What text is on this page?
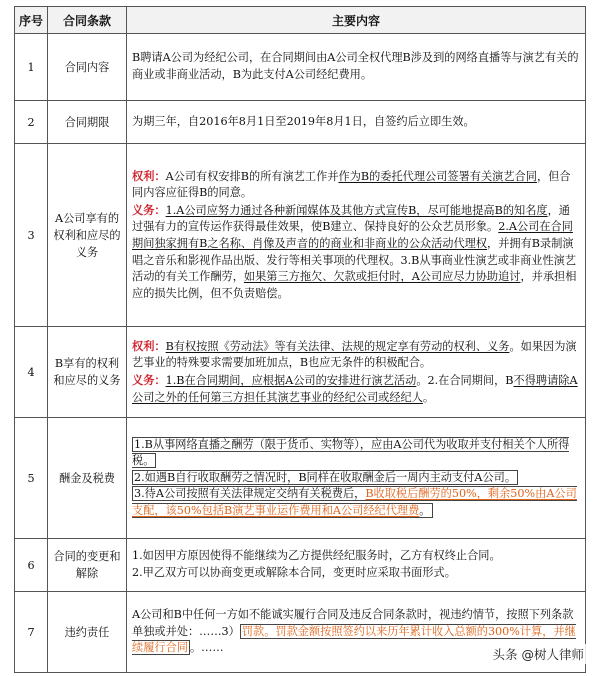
序号	合同条款	主要内容
1	合同内容	B聘请A公司为经纪公司，在合同期间由A公司全权代理B涉及到的网络直播等与演艺有关的商业或非商业活动，B为此支付A公司经纪费用。
2	合同期限	为期三年，自2016年8月1日至2019年8月1日，自签约后立即生效。
3	A公司享有的权利和应尽的义务	权利：A公司有权安排B的所有演艺工作并作为B的委托代理公司签署有关演艺合同，但合同内容应征得B的同意。
义务：1.A公司应努力通过各种新闻媒体及其他方式宣传B，尽可能地提高B的知名度，通过强有力的宣传运作获得最佳效果，使B建立、保持良好的公众艺员形象。2.A公司在合同期间独家拥有B之名称、肖像及声音的的商业和非商业的公众活动代理权，并拥有B录制演唱之音乐和影视作品出版、发行等相关事项的代理权。3.B从事商业性演艺或非商业性演艺活动的有关工作酬劳，如果第三方拖欠、欠款或拒付时，A公司应尽力协助追讨，并承担相应的损失比例，但不负责赔偿。
4	B享有的权利和应尽的义务	权利：B有权按照《劳动法》等有关法律、法规的规定享有劳动的权利、义务。如果因为演艺事业的特殊要求需要加班加点，B也应无条件的积极配合。
义务：1.B在合同期间，应根据A公司的安排进行演艺活动。2.在合同期间，B不得聘请除A公司之外的任何第三方担任其演艺事业的经纪公司或经纪人。
5	酬金及税费	1.B从事网络直播之酬劳（限于货币、实物等），应由A公司代为收取并支付相关个人所得税。
2.如遇B自行收取酬劳之情况时，B同样在收取酬金后一周内主动支付A公司。
3.待A公司按照有关法律规定交纳有关税费后，B收取税后酬劳的50%，剩余50%由A公司支配，该50%包括B演艺事业运作费用和A公司经纪代理费。
6	合同的变更和解除	1.如因甲方原因使得不能继续为乙方提供经纪服务时，乙方有权终止合同。
2.甲乙双方可以协商变更或解除本合同，变更时应采取书面形式。
7	违约责任	A公司和B中任何一方如不能诚实履行合同及违反合同条款时，视违约情节，按照下列条款单独或并处：……3） 罚款。罚款金额按照签约以来历年累计收入总额的300%计算，并继续履行合同 。……	头条 @树人律师
